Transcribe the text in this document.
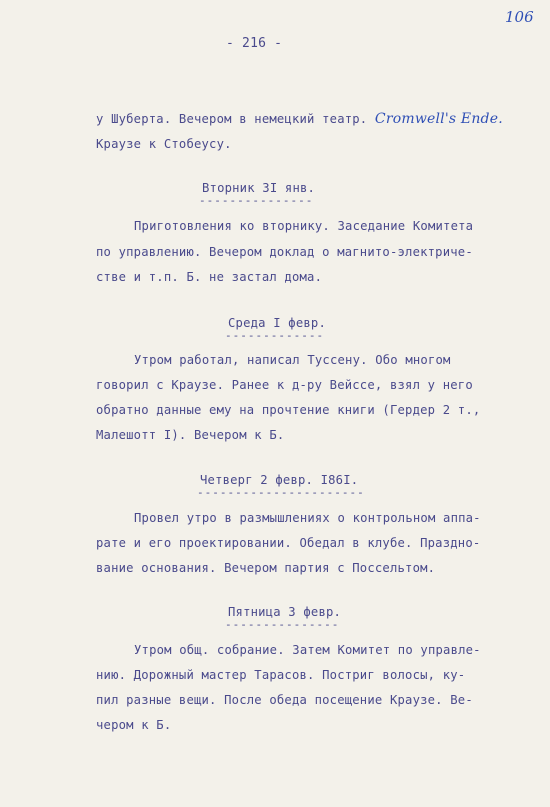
106
- 216 -
у Шуберта. Вечером в немецкий театр. Cromwell's Ende.
Краузе к Стобеусу.
Вторник 3I янв.
---------------
Приготовления ко вторнику. Заседание Комитета
по управлению. Вечером доклад о магнито-электриче-
стве и т.п. Б. не застал дома.
Среда I февр.
-------------
Утром работал, написал Туссену. Обо многом
говорил с Краузе. Ранее к д-ру Вейссе, взял у него
обратно данные ему на прочтение книги (Гердер 2 т.,
Малешотт I). Вечером к Б.
Четверг 2 февр. I86I.
----------------------
Провел утро в размышлениях о контрольном аппа-
рате и его проектировании. Обедал в клубе. Праздно-
вание основания. Вечером партия с Поссельтом.
Пятница 3 февр.
---------------
Утром общ. собрание. Затем Комитет по управле-
нию. Дорожный мастер Тарасов. Постриг волосы, ку-
пил разные вещи. После обеда посещение Краузе. Ве-
чером к Б.
